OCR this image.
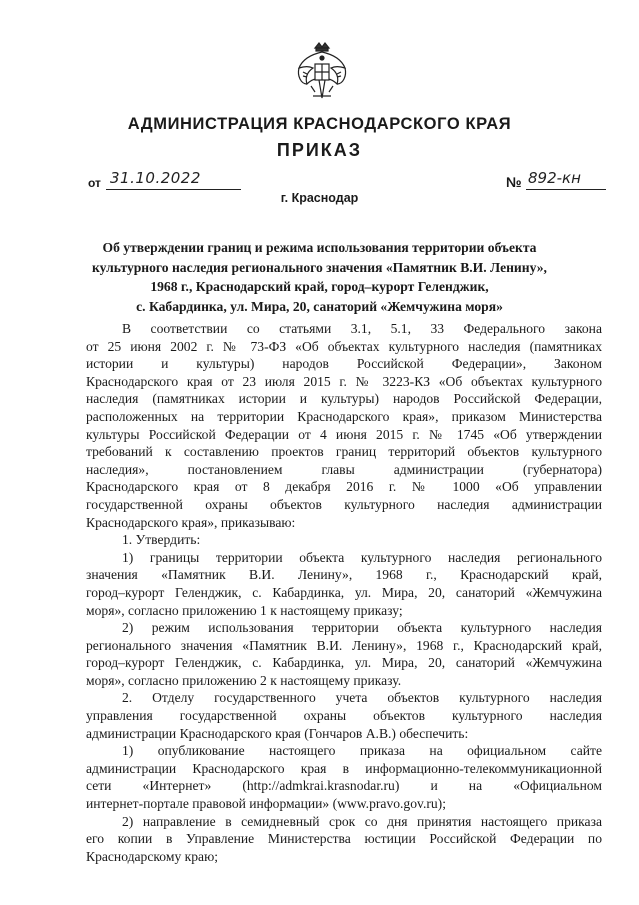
АДМИНИСТРАЦИЯ КРАСНОДАРСКОГО КРАЯ
ПРИКАЗ
от 31.10.2022	№ 892-кн
г. Краснодар
Об утверждении границ и режима использования территории объекта
культурного наследия регионального значения «Памятник В.И. Ленину»,
1968 г., Краснодарский край, город–курорт Геленджик,
с. Кабардинка, ул. Мира, 20, санаторий «Жемчужина моря»
В соответствии со статьями 3.1, 5.1, 33 Федерального закона
от 25 июня 2002 г. № 73-ФЗ «Об объектах культурного наследия (памятниках
истории и культуры) народов Российской Федерации», Законом
Краснодарского края от 23 июля 2015 г. № 3223-КЗ «Об объектах культурного
наследия (памятниках истории и культуры) народов Российской Федерации,
расположенных на территории Краснодарского края», приказом Министерства
культуры Российской Федерации от 4 июня 2015 г. № 1745 «Об утверждении
требований к составлению проектов границ территорий объектов культурного
наследия», постановлением главы администрации (губернатора)
Краснодарского края от 8 декабря 2016 г. № 1000 «Об управлении
государственной охраны объектов культурного наследия администрации
Краснодарского края», приказываю:
1. Утвердить:
1) границы территории объекта культурного наследия регионального
значения «Памятник В.И. Ленину», 1968 г., Краснодарский край,
город–курорт Геленджик, с. Кабардинка, ул. Мира, 20, санаторий «Жемчужина
моря», согласно приложению 1 к настоящему приказу;
2) режим использования территории объекта культурного наследия
регионального значения «Памятник В.И. Ленину», 1968 г., Краснодарский край,
город–курорт Геленджик, с. Кабардинка, ул. Мира, 20, санаторий «Жемчужина
моря», согласно приложению 2 к настоящему приказу.
2. Отделу государственного учета объектов культурного наследия
управления государственной охраны объектов культурного наследия
администрации Краснодарского края (Гончаров А.В.) обеспечить:
1) опубликование настоящего приказа на официальном сайте
администрации Краснодарского края в информационно-телекоммуникационной
сети «Интернет» (http://admkrai.krasnodar.ru) и на «Официальном
интернет-портале правовой информации» (www.pravo.gov.ru);
2) направление в семидневный срок со дня принятия настоящего приказа
его копии в Управление Министерства юстиции Российской Федерации по
Краснодарскому краю;
